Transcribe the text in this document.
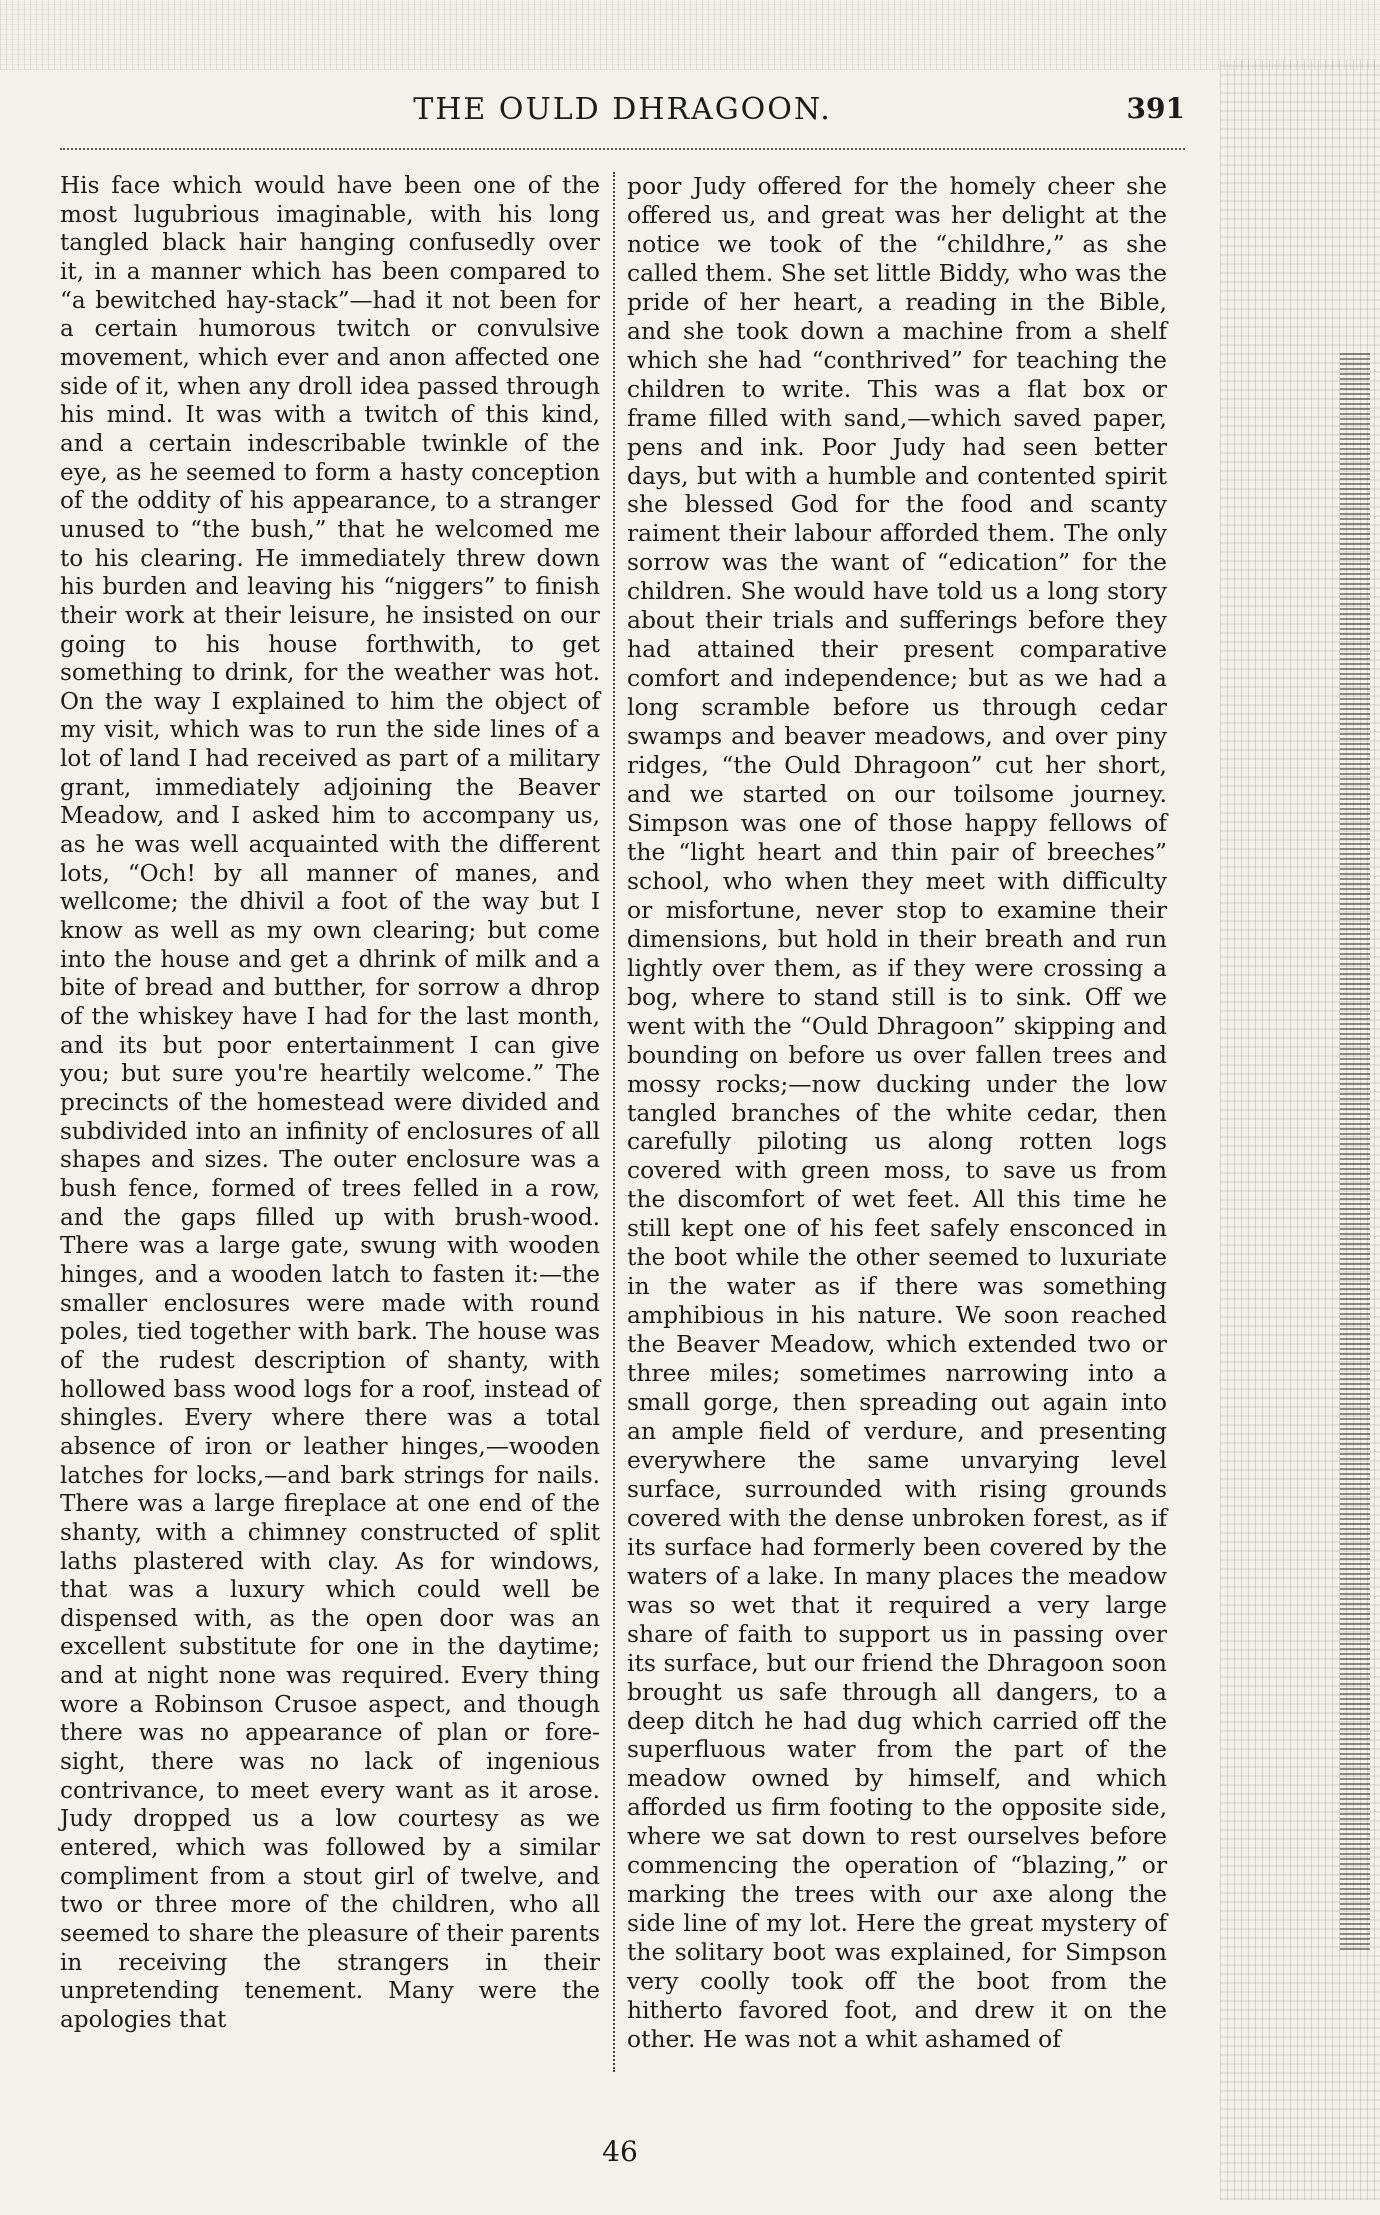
THE OULD DHRAGOON.	391

His face which would have been one of the most lugubrious imaginable, with his long tangled black hair hanging confusedly over it, in a manner which has been compared to “a bewitched hay-stack”—had it not been for a certain humorous twitch or convulsive movement, which ever and anon affected one side of it, when any droll idea passed through his mind. It was with a twitch of this kind, and a certain indescribable twinkle of the eye, as he seemed to form a hasty conception of the oddity of his appearance, to a stranger unused to “the bush,” that he welcomed me to his clearing. He immediately threw down his burden and leaving his “niggers” to finish their work at their leisure, he insisted on our going to his house forthwith, to get something to drink, for the weather was hot. On the way I explained to him the object of my visit, which was to run the side lines of a lot of land I had received as part of a military grant, immediately adjoining the Beaver Meadow, and I asked him to accompany us, as he was well acquainted with the different lots, “Och! by all manner of manes, and wellcome; the dhivil a foot of the way but I know as well as my own clearing; but come into the house and get a dhrink of milk and a bite of bread and butther, for sorrow a dhrop of the whiskey have I had for the last month, and its but poor entertainment I can give you; but sure you're heartily welcome.” The precincts of the homestead were divided and subdivided into an infinity of enclosures of all shapes and sizes. The outer enclosure was a bush fence, formed of trees felled in a row, and the gaps filled up with brush-wood. There was a large gate, swung with wooden hinges, and a wooden latch to fasten it:—the smaller enclosures were made with round poles, tied together with bark. The house was of the rudest description of shanty, with hollowed bass wood logs for a roof, instead of shingles. Every where there was a total absence of iron or leather hinges,—wooden latches for locks,—and bark strings for nails. There was a large fireplace at one end of the shanty, with a chimney constructed of split laths plastered with clay. As for windows, that was a luxury which could well be dispensed with, as the open door was an excellent substitute for one in the daytime; and at night none was required. Every thing wore a Robinson Crusoe aspect, and though there was no appearance of plan or fore-sight, there was no lack of ingenious contrivance, to meet every want as it arose. Judy dropped us a low courtesy as we entered, which was followed by a similar compliment from a stout girl of twelve, and two or three more of the children, who all seemed to share the pleasure of their parents in receiving the strangers in their unpretending tenement. Many were the apologies that

poor Judy offered for the homely cheer she offered us, and great was her delight at the notice we took of the “childhre,” as she called them. She set little Biddy, who was the pride of her heart, a reading in the Bible, and she took down a machine from a shelf which she had “conthrived” for teaching the children to write. This was a flat box or frame filled with sand,—which saved paper, pens and ink. Poor Judy had seen better days, but with a humble and contented spirit she blessed God for the food and scanty raiment their labour afforded them. The only sorrow was the want of “edication” for the children. She would have told us a long story about their trials and sufferings before they had attained their present comparative comfort and independence; but as we had a long scramble before us through cedar swamps and beaver meadows, and over piny ridges, “the Ould Dhragoon” cut her short, and we started on our toilsome journey. Simpson was one of those happy fellows of the “light heart and thin pair of breeches” school, who when they meet with difficulty or misfortune, never stop to examine their dimensions, but hold in their breath and run lightly over them, as if they were crossing a bog, where to stand still is to sink. Off we went with the “Ould Dhragoon” skipping and bounding on before us over fallen trees and mossy rocks;—now ducking under the low tangled branches of the white cedar, then carefully piloting us along rotten logs covered with green moss, to save us from the discomfort of wet feet. All this time he still kept one of his feet safely ensconced in the boot while the other seemed to luxuriate in the water as if there was something amphibious in his nature. We soon reached the Beaver Meadow, which extended two or three miles; sometimes narrowing into a small gorge, then spreading out again into an ample field of verdure, and presenting everywhere the same unvarying level surface, surrounded with rising grounds covered with the dense unbroken forest, as if its surface had formerly been covered by the waters of a lake. In many places the meadow was so wet that it required a very large share of faith to support us in passing over its surface, but our friend the Dhragoon soon brought us safe through all dangers, to a deep ditch he had dug which carried off the superfluous water from the part of the meadow owned by himself, and which afforded us firm footing to the opposite side, where we sat down to rest ourselves before commencing the operation of “blazing,” or marking the trees with our axe along the side line of my lot. Here the great mystery of the solitary boot was explained, for Simpson very coolly took off the boot from the hitherto favored foot, and drew it on the other. He was not a whit ashamed of

46
